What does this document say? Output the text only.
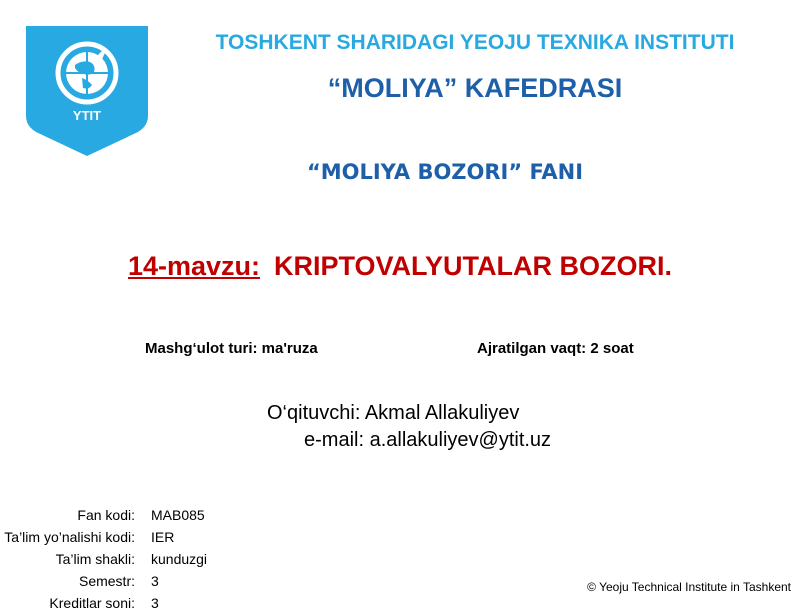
YTIT
TOSHKENT SHARIDAGI YEOJU TEXNIKA INSTITUTI
“MOLIYA” KAFEDRASI
“MOLIYA BOZORI” FANI
14-mavzu: KRIPTOVALYUTALAR BOZORI.
Mashg‘ulot turi: ma'ruza	Ajratilgan vaqt: 2 soat
O‘qituvchi: Akmal Allakuliyev
e-mail: a.allakuliyev@ytit.uz
Fan kodi: MAB085
Ta’lim yo’nalishi kodi: IER
Ta’lim shakli: kunduzgi
Semestr: 3
Kreditlar soni: 3
© Yeoju Technical Institute in Tashkent
